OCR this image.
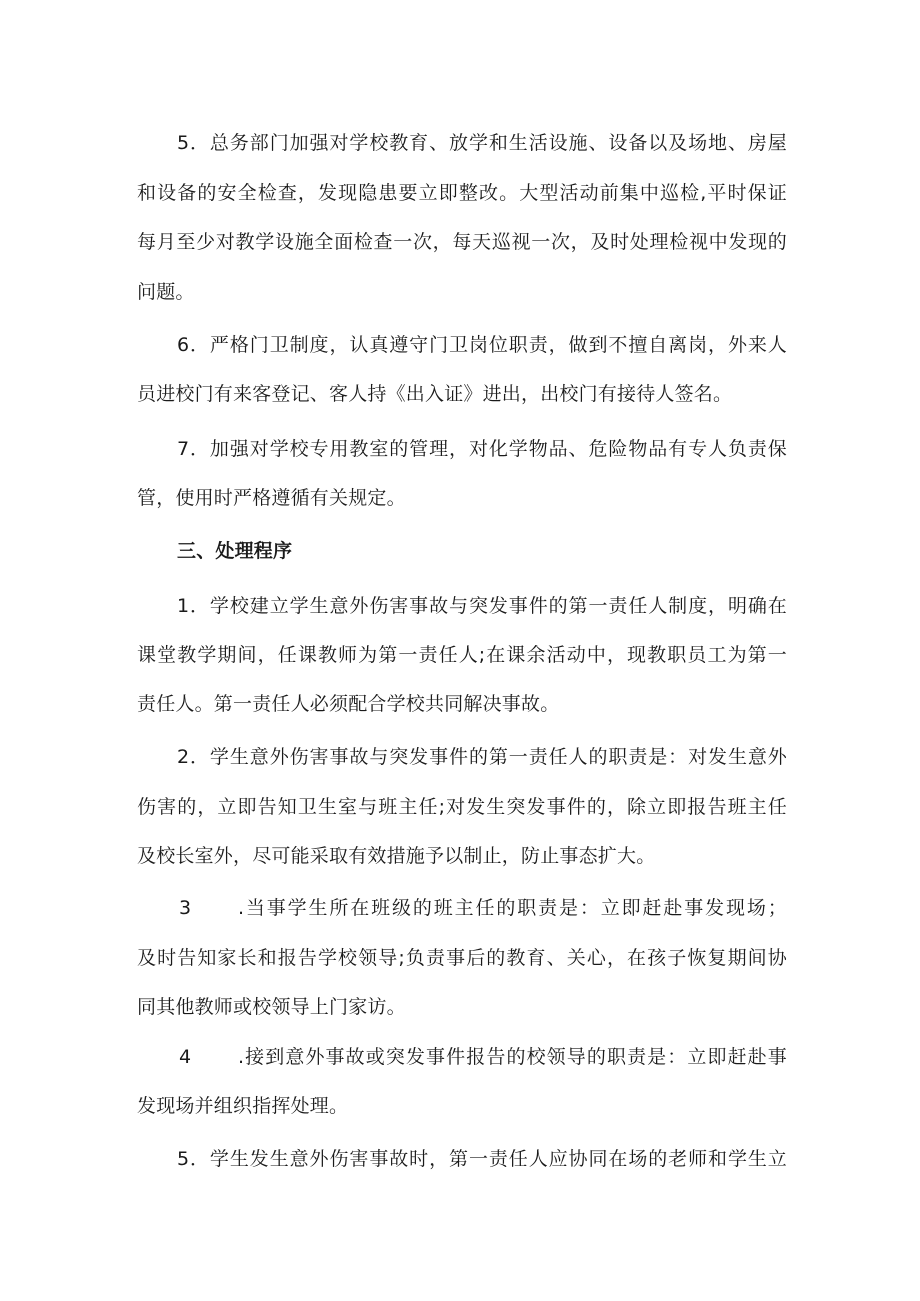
5．总务部门加强对学校教育、放学和生活设施、设备以及场地、房屋
和设备的安全检查，发现隐患要立即整改。大型活动前集中巡检,平时保证
每月至少对教学设施全面检查一次，每天巡视一次，及时处理检视中发现的
问题。
6．严格门卫制度，认真遵守门卫岗位职责，做到不擅自离岗，外来人
员进校门有来客登记、客人持《出入证》进出，出校门有接待人签名。
7．加强对学校专用教室的管理，对化学物品、危险物品有专人负责保
管，使用时严格遵循有关规定。
三、处理程序
1．学校建立学生意外伤害事故与突发事件的第一责任人制度，明确在
课堂教学期间，任课教师为第一责任人;在课余活动中，现教职员工为第一
责任人。第一责任人必须配合学校共同解决事故。
2．学生意外伤害事故与突发事件的第一责任人的职责是：对发生意外
伤害的，立即告知卫生室与班主任;对发生突发事件的，除立即报告班主任
及校长室外，尽可能采取有效措施予以制止，防止事态扩大。
3	.当事学生所在班级的班主任的职责是：立即赶赴事发现场；
及时告知家长和报告学校领导;负责事后的教育、关心，在孩子恢复期间协
同其他教师或校领导上门家访。
4	.接到意外事故或突发事件报告的校领导的职责是：立即赶赴事
发现场并组织指挥处理。
5．学生发生意外伤害事故时，第一责任人应协同在场的老师和学生立
